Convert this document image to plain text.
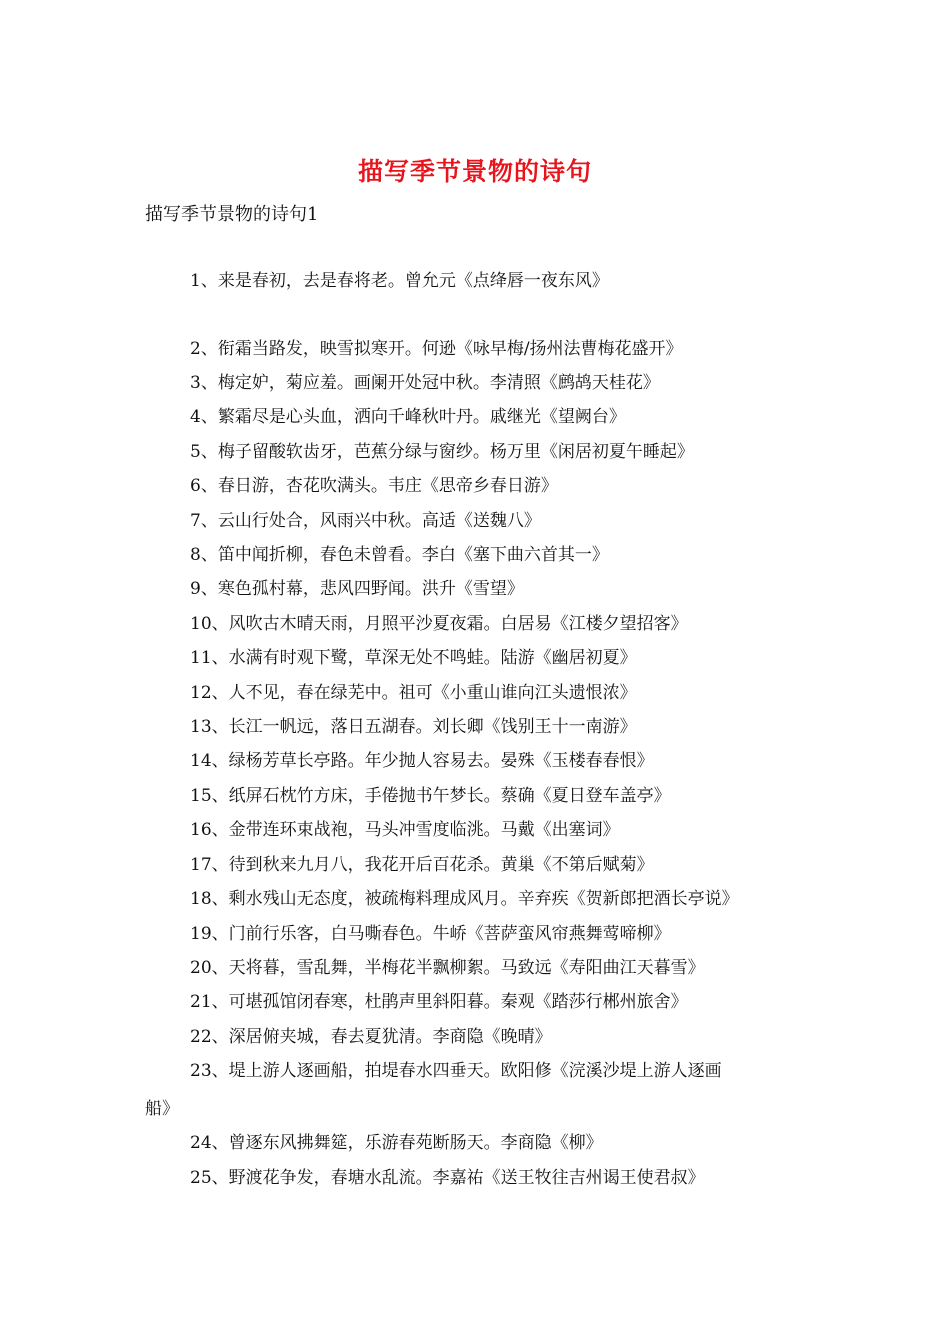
描写季节景物的诗句
描写季节景物的诗句1
1、来是春初，去是春将老。曾允元《点绛唇一夜东风》
2、衔霜当路发，映雪拟寒开。何逊《咏早梅/扬州法曹梅花盛开》
3、梅定妒，菊应羞。画阑开处冠中秋。李清照《鹧鸪天桂花》
4、繁霜尽是心头血，洒向千峰秋叶丹。戚继光《望阙台》
5、梅子留酸软齿牙，芭蕉分绿与窗纱。杨万里《闲居初夏午睡起》
6、春日游，杏花吹满头。韦庄《思帝乡春日游》
7、云山行处合，风雨兴中秋。高适《送魏八》
8、笛中闻折柳，春色未曾看。李白《塞下曲六首其一》
9、寒色孤村幕，悲风四野闻。洪升《雪望》
10、风吹古木晴天雨，月照平沙夏夜霜。白居易《江楼夕望招客》
11、水满有时观下鹭，草深无处不鸣蛙。陆游《幽居初夏》
12、人不见，春在绿芜中。祖可《小重山谁向江头遗恨浓》
13、长江一帆远，落日五湖春。刘长卿《饯别王十一南游》
14、绿杨芳草长亭路。年少抛人容易去。晏殊《玉楼春春恨》
15、纸屏石枕竹方床，手倦抛书午梦长。蔡确《夏日登车盖亭》
16、金带连环束战袍，马头冲雪度临洮。马戴《出塞词》
17、待到秋来九月八，我花开后百花杀。黄巢《不第后赋菊》
18、剩水残山无态度，被疏梅料理成风月。辛弃疾《贺新郎把酒长亭说》
19、门前行乐客，白马嘶春色。牛峤《菩萨蛮风帘燕舞莺啼柳》
20、天将暮，雪乱舞，半梅花半飘柳絮。马致远《寿阳曲江天暮雪》
21、可堪孤馆闭春寒，杜鹃声里斜阳暮。秦观《踏莎行郴州旅舍》
22、深居俯夹城，春去夏犹清。李商隐《晚晴》
23、堤上游人逐画船，拍堤春水四垂天。欧阳修《浣溪沙堤上游人逐画
船》
24、曾逐东风拂舞筵，乐游春苑断肠天。李商隐《柳》
25、野渡花争发，春塘水乱流。李嘉祐《送王牧往吉州谒王使君叔》
